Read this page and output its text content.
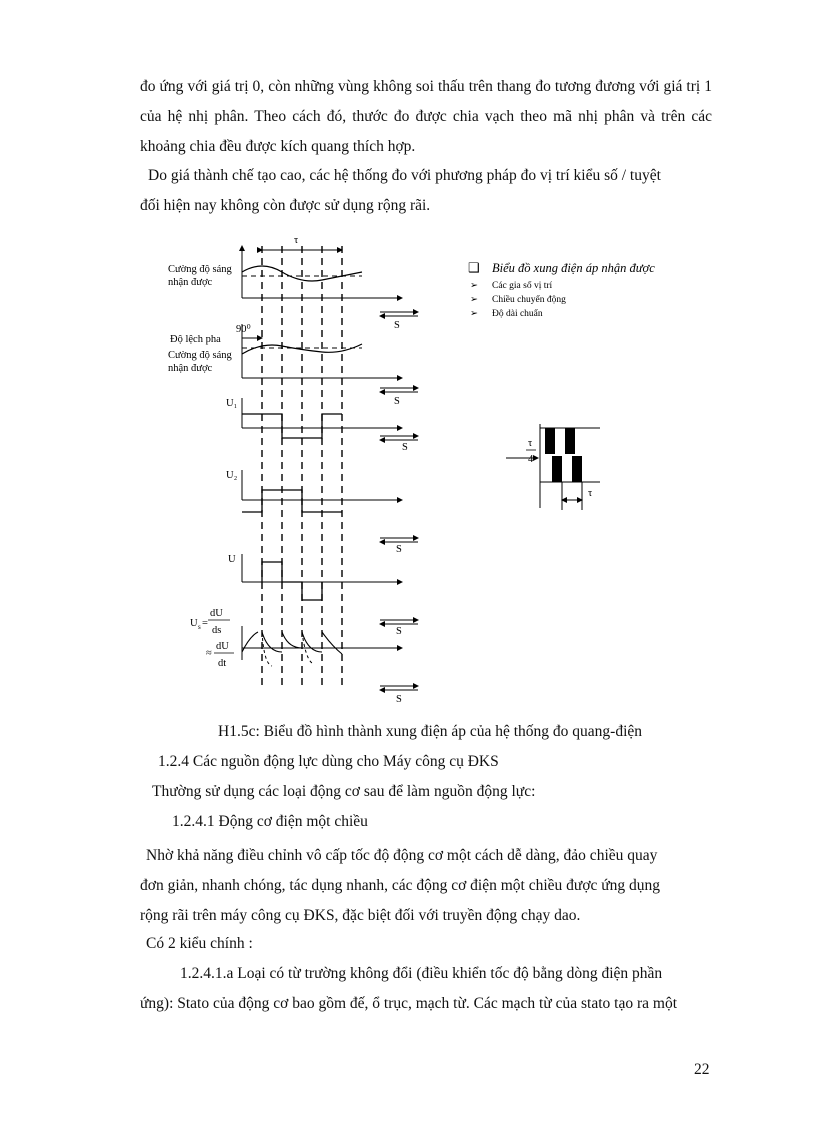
đo ứng với giá trị 0, còn những vùng không soi thấu trên thang đo tương đương với giá trị 1 của hệ nhị phân. Theo cách đó, thước đo được chia vạch theo mã nhị phân và trên các khoảng chia đều được kích quang thích hợp.

Do giá thành chế tạo cao, các hệ thống đo với phương pháp đo vị trí kiểu số / tuyệt
đối hiện nay không còn được sử dụng rộng rãi.
τ
Cường độ sáng
nhận được
S
90⁰
Độ lệch pha
Cường độ sáng
nhận được
S
U₁
S
U₂
S
U
S
U s =
dU
ds
≈
dU
dt
S
❑ Biểu đồ xung điện áp nhận được
➢ Các gia số vị trí
➢ Chiều chuyển động
➢ Độ dài chuẩn
τ
τ
4
H1.5c: Biểu đồ hình thành xung điện áp của hệ thống đo quang-điện
1.2.4 Các nguồn động lực dùng cho Máy công cụ ĐKS
Thường sử dụng các loại động cơ sau để làm nguồn động lực:
1.2.4.1 Động cơ điện một chiều
Nhờ khả năng điều chỉnh vô cấp tốc độ động cơ một cách dễ dàng, đảo chiều quay
đơn giản, nhanh chóng, tác dụng nhanh, các động cơ điện một chiều được ứng dụng
rộng rãi trên máy công cụ ĐKS, đặc biệt đối với truyền động chạy dao.
Có 2 kiểu chính :
1.2.4.1.a Loại có từ trường không đổi (điều khiển tốc độ bằng dòng điện phần
ứng): Stato của động cơ bao gồm đế, ổ trục, mạch từ. Các mạch từ của stato tạo ra một
22
